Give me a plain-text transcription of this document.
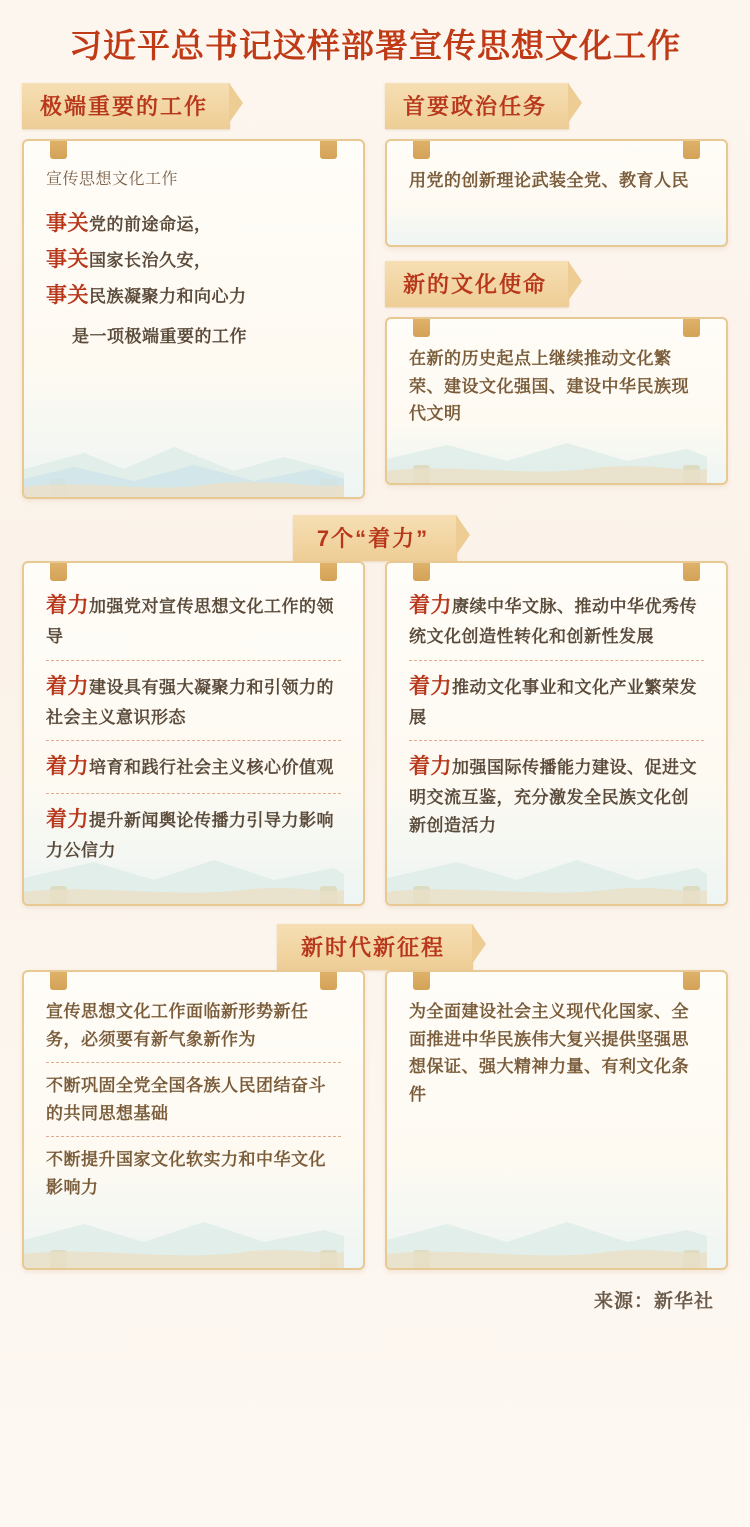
习近平总书记这样部署宣传思想文化工作
极端重要的工作
宣传思想文化工作
事关党的前途命运，
事关国家长治久安，
事关民族凝聚力和向心力
是一项极端重要的工作
首要政治任务
用党的创新理论武装全党、教育人民
新的文化使命
在新的历史起点上继续推动文化繁荣、建设文化强国、建设中华民族现代文明
7个“着力”
着力加强党对宣传思想文化工作的领导
着力建设具有强大凝聚力和引领力的社会主义意识形态
着力培育和践行社会主义核心价值观
着力提升新闻舆论传播力引导力影响力公信力
着力赓续中华文脉、推动中华优秀传统文化创造性转化和创新性发展
着力推动文化事业和文化产业繁荣发展
着力加强国际传播能力建设、促进文明交流互鉴，充分激发全民族文化创新创造活力
新时代新征程
宣传思想文化工作面临新形势新任务，必须要有新气象新作为
不断巩固全党全国各族人民团结奋斗的共同思想基础
不断提升国家文化软实力和中华文化影响力
为全面建设社会主义现代化国家、全面推进中华民族伟大复兴提供坚强思想保证、强大精神力量、有利文化条件
来源：新华社
